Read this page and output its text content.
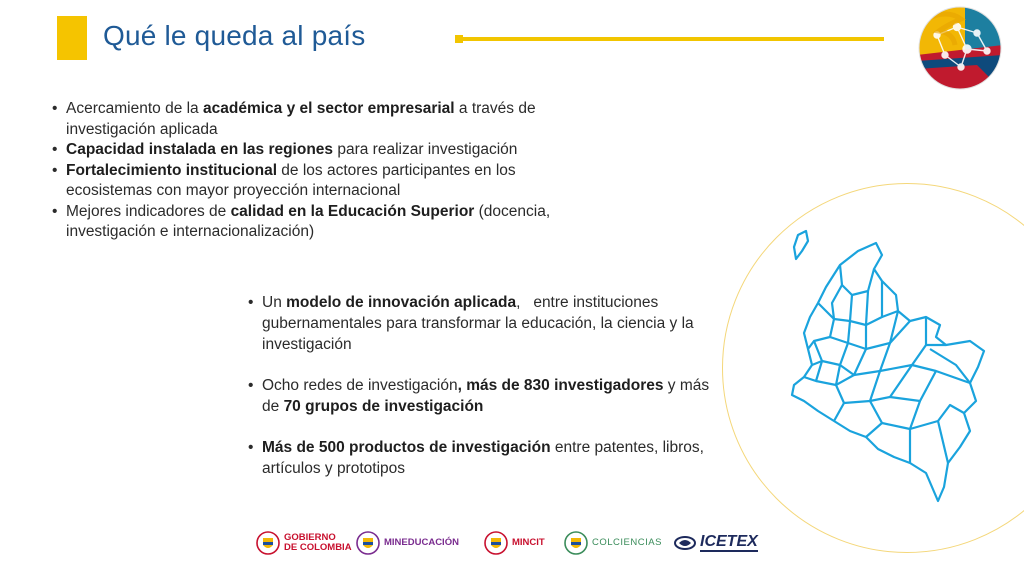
Qué le queda al país
• Acercamiento de la académica y el sector empresarial a través de investigación aplicada
• Capacidad instalada en las regiones para realizar investigación
• Fortalecimiento institucional de los actores participantes en los ecosistemas con mayor proyección internacional
• Mejores indicadores de calidad en la Educación Superior (docencia, investigación e internacionalización)
• Un modelo de innovación aplicada,   entre instituciones gubernamentales para transformar la educación, la ciencia y la investigación
• Ocho redes de investigación, más de 830 investigadores y más de 70 grupos de investigación
• Más de 500 productos de investigación entre patentes, libros, artículos y prototipos
GOBIERNO
DE COLOMBIA	MINEDUCACIÓN	MINCIT	COLCIENCIAS ICETEX
